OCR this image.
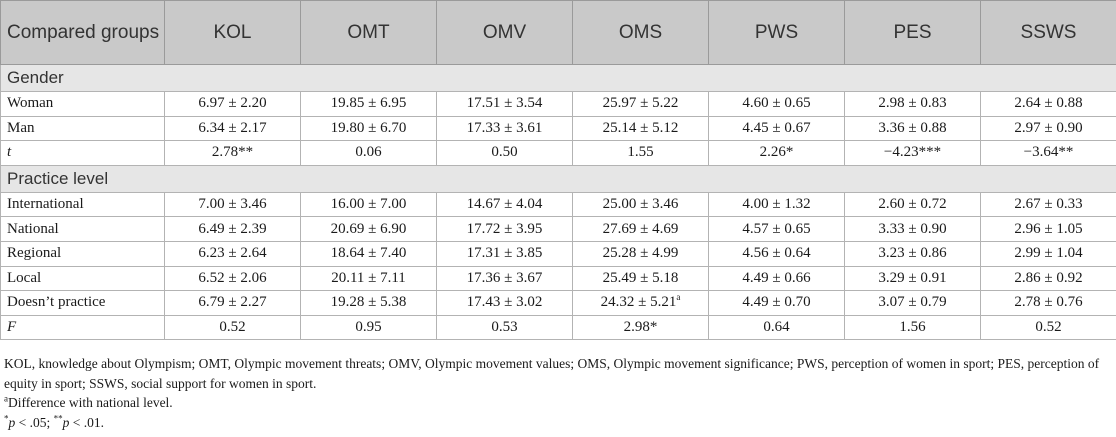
Compared groups	KOL	OMT	OMV	OMS	PWS	PES	SSWS
Gender							
Woman	6.97 ± 2.20	19.85 ± 6.95	17.51 ± 3.54	25.97 ± 5.22	4.60 ± 0.65	2.98 ± 0.83	2.64 ± 0.88
Man	6.34 ± 2.17	19.80 ± 6.70	17.33 ± 3.61	25.14 ± 5.12	4.45 ± 0.67	3.36 ± 0.88	2.97 ± 0.90
t	2.78**	0.06	0.50	1.55	2.26*	−4.23***	−3.64**
Practice level							
International	7.00 ± 3.46	16.00 ± 7.00	14.67 ± 4.04	25.00 ± 3.46	4.00 ± 1.32	2.60 ± 0.72	2.67 ± 0.33
National	6.49 ± 2.39	20.69 ± 6.90	17.72 ± 3.95	27.69 ± 4.69	4.57 ± 0.65	3.33 ± 0.90	2.96 ± 1.05
Regional	6.23 ± 2.64	18.64 ± 7.40	17.31 ± 3.85	25.28 ± 4.99	4.56 ± 0.64	3.23 ± 0.86	2.99 ± 1.04
Local	6.52 ± 2.06	20.11 ± 7.11	17.36 ± 3.67	25.49 ± 5.18	4.49 ± 0.66	3.29 ± 0.91	2.86 ± 0.92
Doesn’t practice	6.79 ± 2.27	19.28 ± 5.38	17.43 ± 3.02	24.32 ± 5.21$^a$	4.49 ± 0.70	3.07 ± 0.79	2.78 ± 0.76
F	0.52	0.95	0.53	2.98*	0.64	1.56	0.52

KOL, knowledge about Olympism; OMT, Olympic movement threats; OMV, Olympic movement values; OMS, Olympic movement significance; PWS, perception of women in sport; PES, perception of equity in sport; SSWS, social support for women in sport.

$^a$Difference with national level.

*p < .05; **p < .01.
